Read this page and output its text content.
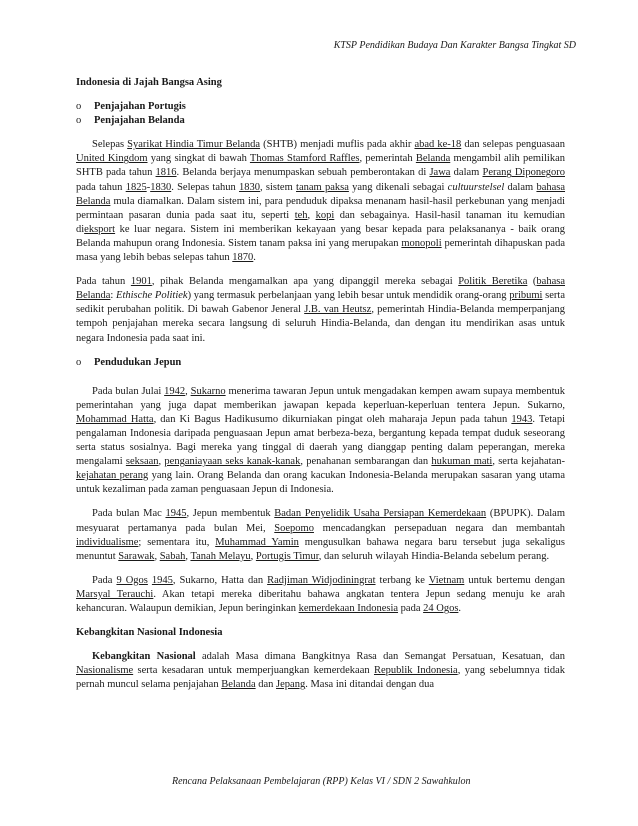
KTSP Pendidikan Budaya Dan Karakter Bangsa Tingkat SD
Indonesia di Jajah Bangsa Asing
o Penjajahan Portugis
o Penjajahan Belanda

Selepas Syarikat Hindia Timur Belanda (SHTB) menjadi muflis pada akhir abad ke-18 dan selepas penguasaan United Kingdom yang singkat di bawah Thomas Stamford Raffles, pemerintah Belanda mengambil alih pemilikan SHTB pada tahun 1816. Belanda berjaya menumpaskan sebuah pemberontakan di Jawa dalam Perang Diponegoro pada tahun 1825-1830. Selepas tahun 1830, sistem tanam paksa yang dikenali sebagai cultuurstelsel dalam bahasa Belanda mula diamalkan. Dalam sistem ini, para penduduk dipaksa menanam hasil-hasil perkebunan yang menjadi permintaan pasaran dunia pada saat itu, seperti teh, kopi dan sebagainya. Hasil-hasil tanaman itu kemudian dieksport ke luar negara. Sistem ini memberikan kekayaan yang besar kepada para pelaksananya - baik orang Belanda mahupun orang Indonesia. Sistem tanam paksa ini yang merupakan monopoli pemerintah dihapuskan pada masa yang lebih bebas selepas tahun 1870.

Pada tahun 1901, pihak Belanda mengamalkan apa yang dipanggil mereka sebagai Politik Beretika (bahasa Belanda: Ethische Politiek) yang termasuk perbelanjaan yang lebih besar untuk mendidik orang-orang pribumi serta sedikit perubahan politik. Di bawah Gabenor Jeneral J.B. van Heutsz, pemerintah Hindia-Belanda memperpanjang tempoh penjajahan mereka secara langsung di seluruh Hindia-Belanda, dan dengan itu mendirikan asas untuk negara Indonesia pada saat ini.

o Pendudukan Jepun

Pada bulan Julai 1942, Sukarno menerima tawaran Jepun untuk mengadakan kempen awam supaya membentuk pemerintahan yang juga dapat memberikan jawapan kepada keperluan-keperluan tentera Jepun. Sukarno, Mohammad Hatta, dan Ki Bagus Hadikusumo dikurniakan pingat oleh maharaja Jepun pada tahun 1943. Tetapi pengalaman Indonesia daripada penguasaan Jepun amat berbeza-beza, bergantung kepada tempat duduk seseorang serta status sosialnya. Bagi mereka yang tinggal di daerah yang dianggap penting dalam peperangan, mereka mengalami seksaan, penganiayaan seks kanak-kanak, penahanan sembarangan dan hukuman mati, serta kejahatan-kejahatan perang yang lain. Orang Belanda dan orang kacukan Indonesia-Belanda merupakan sasaran yang utama untuk kezaliman pada zaman penguasaan Jepun di Indonesia.

Pada bulan Mac 1945, Jepun membentuk Badan Penyelidik Usaha Persiapan Kemerdekaan (BPUPK). Dalam mesyuarat pertamanya pada bulan Mei, Soepomo mencadangkan persepaduan negara dan membantah individualisme; sementara itu, Muhammad Yamin mengusulkan bahawa negara baru tersebut juga sekaligus menuntut Sarawak, Sabah, Tanah Melayu, Portugis Timur, dan seluruh wilayah Hindia-Belanda sebelum perang.

Pada 9 Ogos 1945, Sukarno, Hatta dan Radjiman Widjodiningrat terbang ke Vietnam untuk bertemu dengan Marsyal Terauchi. Akan tetapi mereka diberitahu bahawa angkatan tentera Jepun sedang menuju ke arah kehancuran. Walaupun demikian, Jepun beringinkan kemerdekaan Indonesia pada 24 Ogos.

Kebangkitan Nasional Indonesia

Kebangkitan Nasional adalah Masa dimana Bangkitnya Rasa dan Semangat Persatuan, Kesatuan, dan Nasionalisme serta kesadaran untuk memperjuangkan kemerdekaan Republik Indonesia, yang sebelumnya tidak pernah muncul selama penjajahan Belanda dan Jepang. Masa ini ditandai dengan dua

Rencana Pelaksanaan Pembelajaran (RPP) Kelas VI / SDN 2 Sawahkulon
